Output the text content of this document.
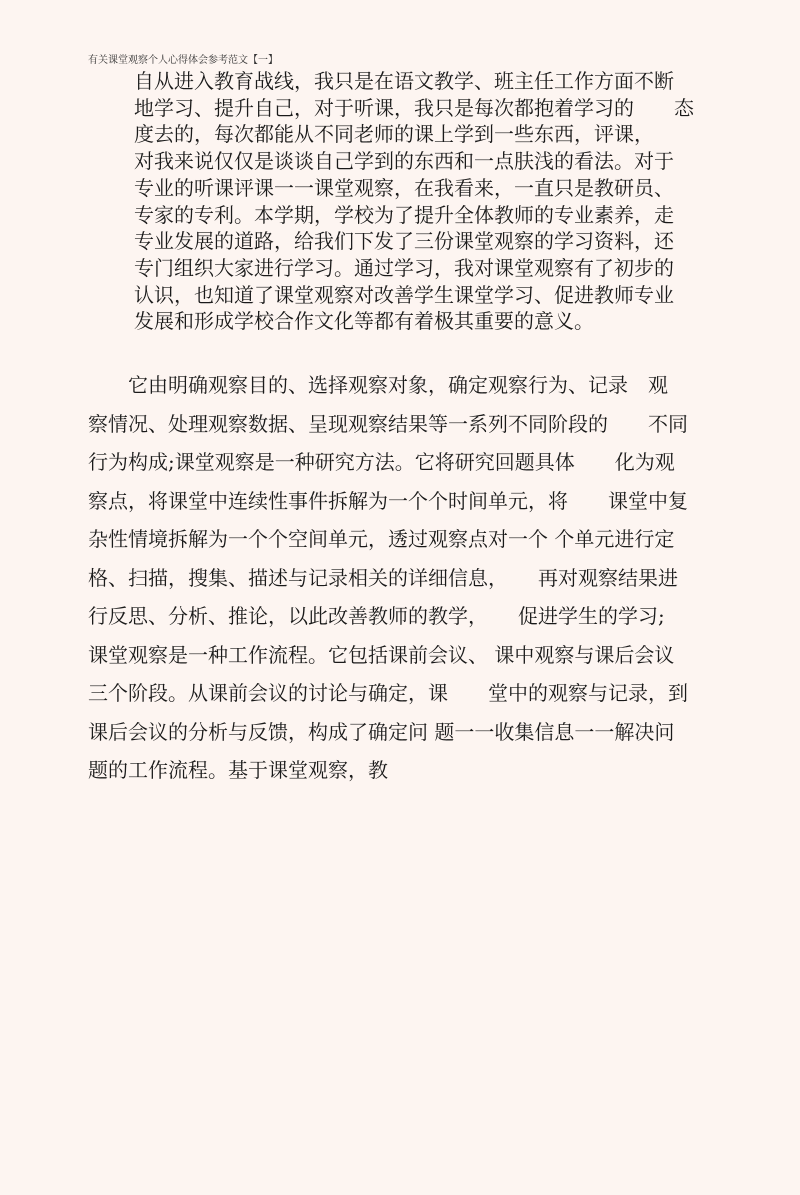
有关课堂观察个人心得体会参考范文【一】
自从进入教育战线，我只是在语文教学、班主任工作方面不断
地学习、提升自己，对于听课，我只是每次都抱着学习的　　态
度去的，每次都能从不同老师的课上学到一些东西，评课，
对我来说仅仅是谈谈自己学到的东西和一点肤浅的看法。对于
专业的听课评课一一课堂观察，在我看来，一直只是教研员、
专家的专利。本学期，学校为了提升全体教师的专业素养，走
专业发展的道路，给我们下发了三份课堂观察的学习资料，还
专门组织大家进行学习。通过学习，我对课堂观察有了初步的
认识，也知道了课堂观察对改善学生课堂学习、促进教师专业
发展和形成学校合作文化等都有着极其重要的意义。
　　它由明确观察目的、选择观察对象，确定观察行为、记录　观
察情况、处理观察数据、呈现观察结果等一系列不同阶段的　　不同
行为构成;课堂观察是一种研究方法。它将研究回题具体　　化为观
察点，将课堂中连续性事件拆解为一个个时间单元，将　　课堂中复
杂性情境拆解为一个个空间单元，透过观察点对一个 个单元进行定
格、扫描，搜集、描述与记录相关的详细信息，　　再对观察结果进
行反思、分析、推论，以此改善教师的教学，　　促进学生的学习;
课堂观察是一种工作流程。它包括课前会议、 课中观察与课后会议
三个阶段。从课前会议的讨论与确定，课　　堂中的观察与记录，到
课后会议的分析与反馈，构成了确定问 题一一收集信息一一解决问
题的工作流程。基于课堂观察，教
